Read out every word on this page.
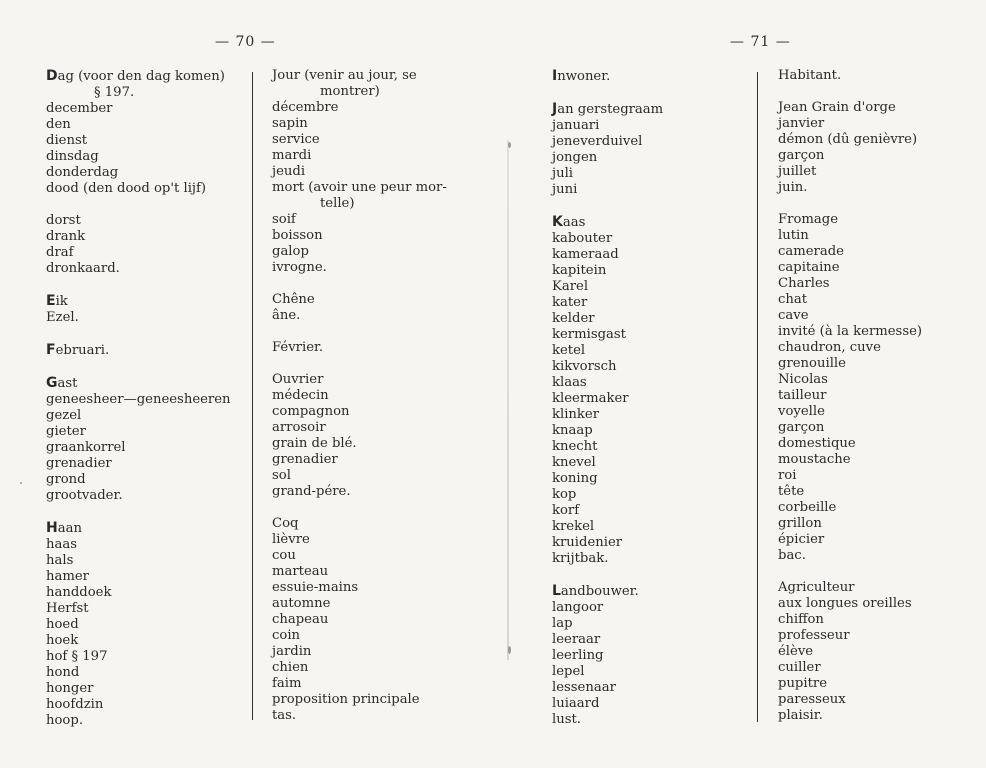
— 70 —
Dag (voor den dag komen)
§ 197.
december
den
dienst
dinsdag
donderdag
dood (den dood op't lijf)
dorst
drank
draf
dronkaard.
Eik
Ezel.
Februari.
Gast
geneesheer—geneesheeren
gezel
gieter
graankorrel
grenadier
grond
grootvader.
Haan
haas
hals
hamer
handdoek
Herfst
hoed
hoek
hof § 197
hond
honger
hoofdzin
hoop.
Jour (venir au jour, se
montrer)
décembre
sapin
service
mardi
jeudi
mort (avoir une peur mor-
telle)
soif
boisson
galop
ivrogne.
Chêne
âne.
Février.
Ouvrier
médecin
compagnon
arrosoir
grain de blé.
grenadier
sol
grand-pére.
Coq
lièvre
cou
marteau
essuie-mains
automne
chapeau
coin
jardin
chien
faim
proposition principale
tas.
— 71 —
Inwoner.
Jan gerstegraam
januari
jeneverduivel
jongen
juli
juni
Kaas
kabouter
kameraad
kapitein
Karel
kater
kelder
kermisgast
ketel
kikvorsch
klaas
kleermaker
klinker
knaap
knecht
knevel
koning
kop
korf
krekel
kruidenier
krijtbak.
Landbouwer.
langoor
lap
leeraar
leerling
lepel
lessenaar
luiaard
lust.
Habitant.
Jean Grain d'orge
janvier
démon (dû genièvre)
garçon
juillet
juin.
Fromage
lutin
camerade
capitaine
Charles
chat
cave
invité (à la kermesse)
chaudron, cuve
grenouille
Nicolas
tailleur
voyelle
garçon
domestique
moustache
roi
tête
corbeille
grillon
épicier
bac.
Agriculteur
aux longues oreilles
chiffon
professeur
élève
cuiller
pupitre
paresseux
plaisir.
